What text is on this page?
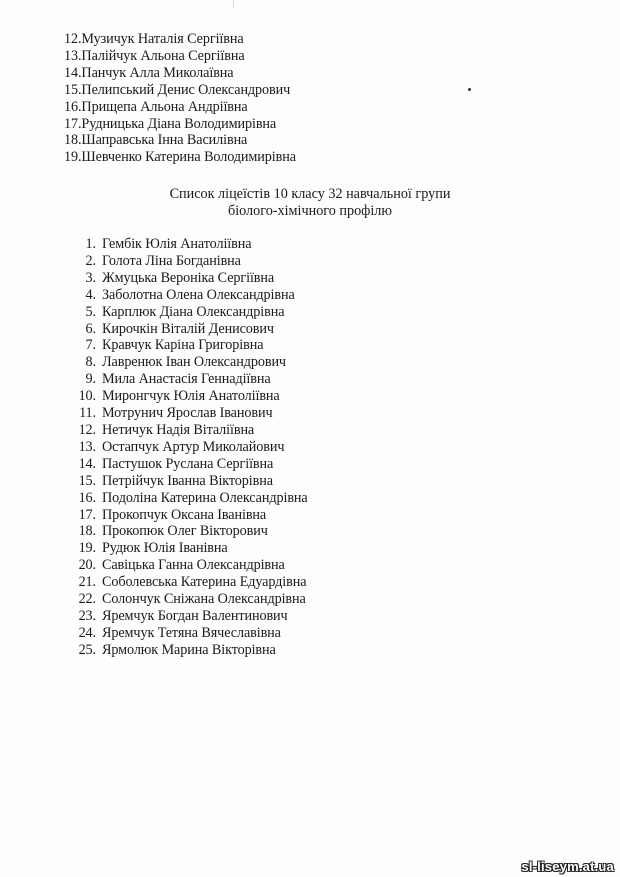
12.Музичук Наталія Сергіївна
13.Палійчук Альона Сергіївна
14.Панчук Алла Миколаївна
15.Пелипський Денис Олександрович
16.Прищепа Альона Андріївна
17.Рудницька Діана Володимирівна
18.Шаправська Інна Василівна
19.Шевченко Катерина Володимирівна
Список ліцеїстів 10 класу 32 навчальної групи
біолого-хімічного профілю
1. Гембік Юлія Анатоліївна
2. Голота Ліна Богданівна
3. Жмуцька Вероніка Сергіївна
4. Заболотна Олена Олександрівна
5. Карплюк Діана Олександрівна
6. Кирочкін Віталій Денисович
7. Кравчук Каріна Григорівна
8. Лавренюк Іван Олександрович
9. Мила Анастасія Геннадіївна
10. Миронгчук Юлія Анатоліївна
11. Мотрунич Ярослав Іванович
12. Нетичук Надія Віталіївна
13. Остапчук Артур Миколайович
14. Пастушок Руслана Сергіївна
15. Петрійчук Іванна Вікторівна
16. Подоліна Катерина Олександрівна
17. Прокопчук Оксана Іванівна
18. Прокопюк Олег Вікторович
19. Рудюк Юлія Іванівна
20. Савіцька Ганна Олександрівна
21. Соболевська Катерина Едуардівна
22. Солончук Сніжана Олександрівна
23. Яремчук Богдан Валентинович
24. Яремчук Тетяна Вячеславівна
25. Ярмолюк Марина Вікторівна
sl-liseym.at.ua
